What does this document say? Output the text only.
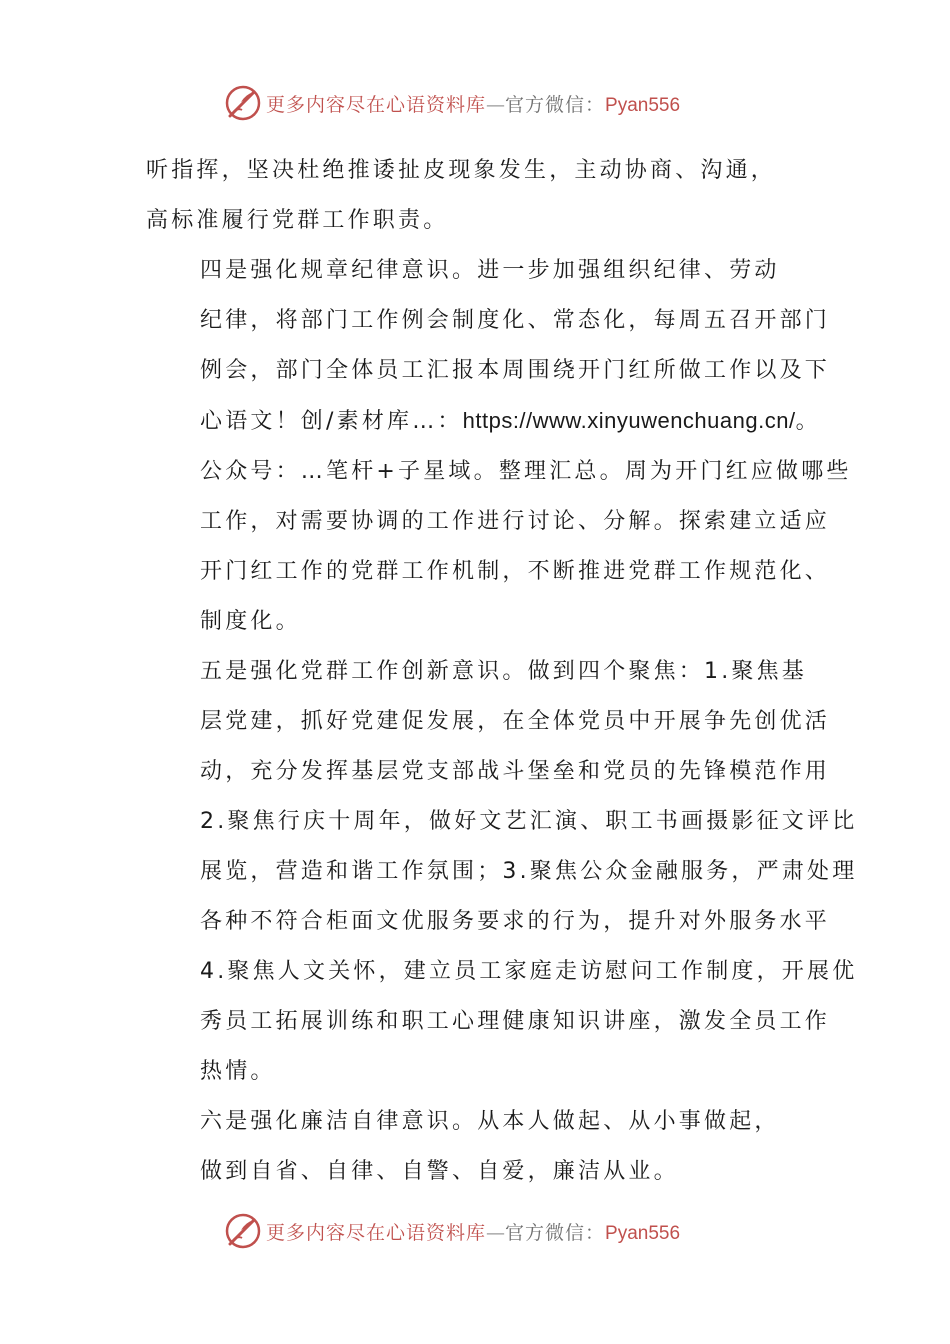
更多内容尽在心语资料库—官方微信：Pyan556

听指挥，坚决杜绝推诿扯皮现象发生，主动协商、沟通，
高标准履行党群工作职责。

四是强化规章纪律意识。进一步加强组织纪律、劳动
纪律，将部门工作例会制度化、常态化，每周五召开部门
例会，部门全体员工汇报本周围绕开门红所做工作以及下
心语文！创/素材库…：https://www.xinyuwenchuang.cn/。
公众号：…笔杆+子星域。整理汇总。周为开门红应做哪些
工作，对需要协调的工作进行讨论、分解。探索建立适应
开门红工作的党群工作机制，不断推进党群工作规范化、
制度化。

五是强化党群工作创新意识。做到四个聚焦：1.聚焦基
层党建，抓好党建促发展，在全体党员中开展争先创优活
动，充分发挥基层党支部战斗堡垒和党员的先锋模范作用
2.聚焦行庆十周年，做好文艺汇演、职工书画摄影征文评比
展览，营造和谐工作氛围；3.聚焦公众金融服务，严肃处理
各种不符合柜面文优服务要求的行为，提升对外服务水平
4.聚焦人文关怀，建立员工家庭走访慰问工作制度，开展优
秀员工拓展训练和职工心理健康知识讲座，激发全员工作
热情。

六是强化廉洁自律意识。从本人做起、从小事做起，
做到自省、自律、自警、自爱，廉洁从业。

更多内容尽在心语资料库—官方微信：Pyan556
